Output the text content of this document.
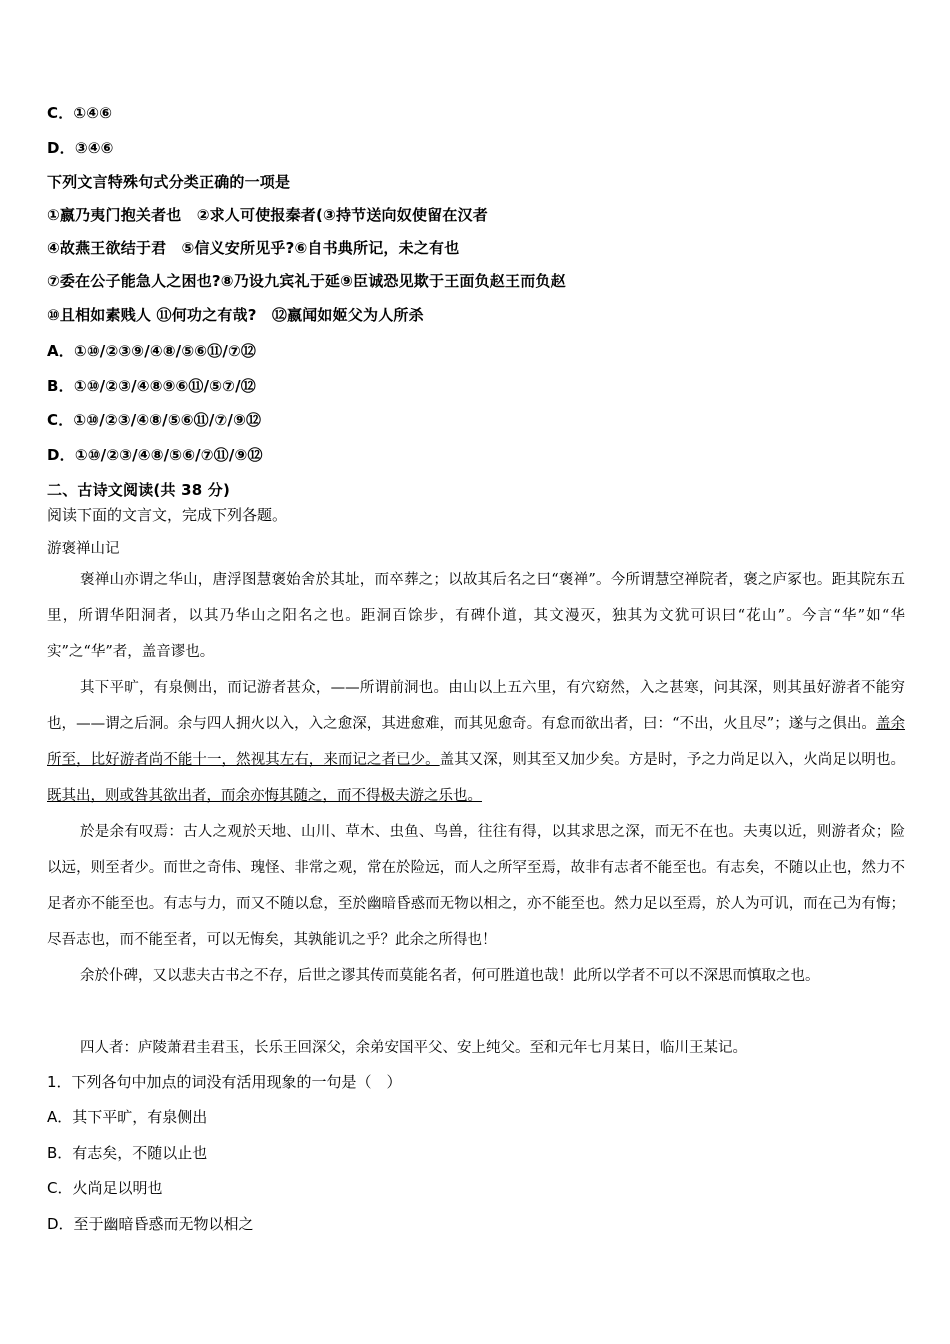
C．①④⑥
D．③④⑥
下列文言特殊句式分类正确的一项是
①嬴乃夷门抱关者也　②求人可使报秦者(③持节送向奴使留在汉者
④故燕王欲结于君　⑤信义安所见乎?⑥自书典所记，未之有也
⑦委在公子能急人之困也?⑧乃设九宾礼于延⑨臣诚恐见欺于王面负赵王而负赵
⑩且相如素贱人 ⑪何功之有哉?　⑫嬴闻如姬父为人所杀
A．①⑩/②③⑨/④⑧/⑤⑥⑪/⑦⑫
B．①⑩/②③/④⑧⑨⑥⑪/⑤⑦/⑫
C．①⑩/②③/④⑧/⑤⑥⑪/⑦/⑨⑫
D．①⑩/②③/④⑧/⑤⑥/⑦⑪/⑨⑫
二、古诗文阅读(共 38 分)
阅读下面的文言文，完成下列各题。
游褒禅山记
褒禅山亦谓之华山，唐浮图慧褒始舍於其址，而卒葬之；以故其后名之曰“褒禅”。今所谓慧空禅院者，褒之庐冢也。距其院东五里，所谓华阳洞者，以其乃华山之阳名之也。距洞百馀步，有碑仆道，其文漫灭，独其为文犹可识曰“花山”。今言“华”如“华实”之“华”者，盖音谬也。
其下平旷，有泉侧出，而记游者甚众，——所谓前洞也。由山以上五六里，有穴窈然，入之甚寒，问其深，则其虽好游者不能穷也，——谓之后洞。余与四人拥火以入，入之愈深，其进愈难，而其见愈奇。有怠而欲出者，曰：“不出，火且尽”；遂与之俱出。盖余所至，比好游者尚不能十一，然视其左右，来而记之者已少。盖其又深，则其至又加少矣。方是时，予之力尚足以入，火尚足以明也。既其出，则或咎其欲出者，而余亦悔其随之，而不得极夫游之乐也。
於是余有叹焉：古人之观於天地、山川、草木、虫鱼、鸟兽，往往有得，以其求思之深，而无不在也。夫夷以近，则游者众；险以远，则至者少。而世之奇伟、瑰怪、非常之观，常在於险远，而人之所罕至焉，故非有志者不能至也。有志矣，不随以止也，然力不足者亦不能至也。有志与力，而又不随以怠，至於幽暗昏惑而无物以相之，亦不能至也。然力足以至焉，於人为可讥，而在己为有悔；尽吾志也，而不能至者，可以无悔矣，其孰能讥之乎？此余之所得也！
余於仆碑，又以悲夫古书之不存，后世之谬其传而莫能名者，何可胜道也哉！此所以学者不可以不深思而慎取之也。
四人者：庐陵萧君圭君玉，长乐王回深父，余弟安国平父、安上纯父。至和元年七月某日，临川王某记。
1．下列各句中加点的词没有活用现象的一句是（　）
A．其下平旷，有泉侧出
B．有志矣，不随以止也
C．火尚足以明也
D．至于幽暗昏惑而无物以相之
